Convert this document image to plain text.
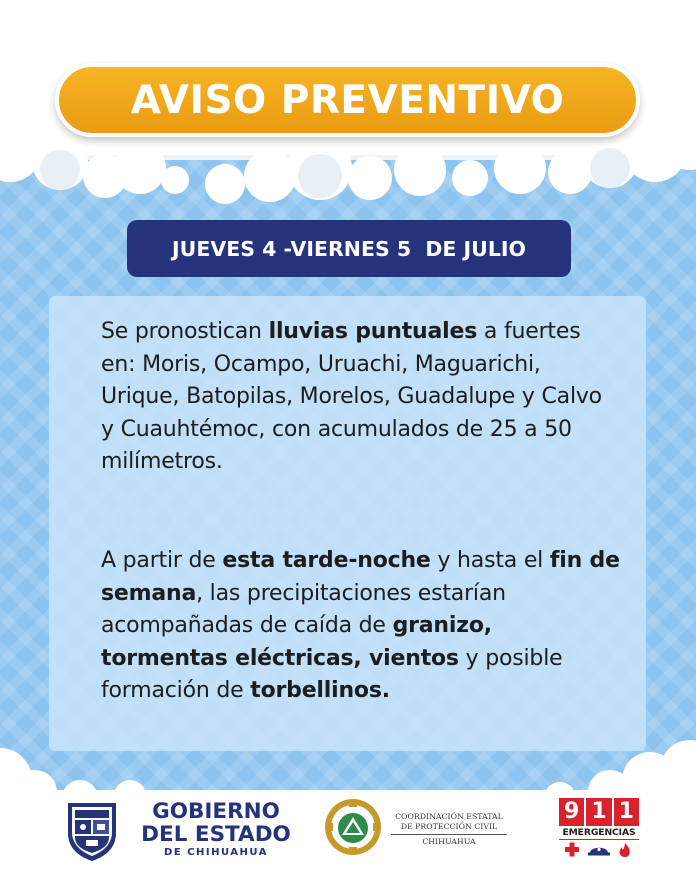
AVISO PREVENTIVO
JUEVES 4 -VIERNES 5  DE JULIO

Se pronostican lluvias puntuales a fuertes en: Moris, Ocampo, Uruachi, Maguarichi, Urique, Batopilas, Morelos, Guadalupe y Calvo y Cuauhtémoc, con acumulados de 25 a 50 milímetros.

A partir de esta tarde-noche y hasta el fin de semana, las precipitaciones estarían acompañadas de caída de granizo, tormentas eléctricas, vientos y posible formación de torbellinos.

GOBIERNO
DEL ESTADO
DE CHIHUAHUA
COORDINACIÓN ESTATAL
DE PROTECCIÓN CIVIL
CHIHUAHUA
9 1 1
EMERGENCIAS
